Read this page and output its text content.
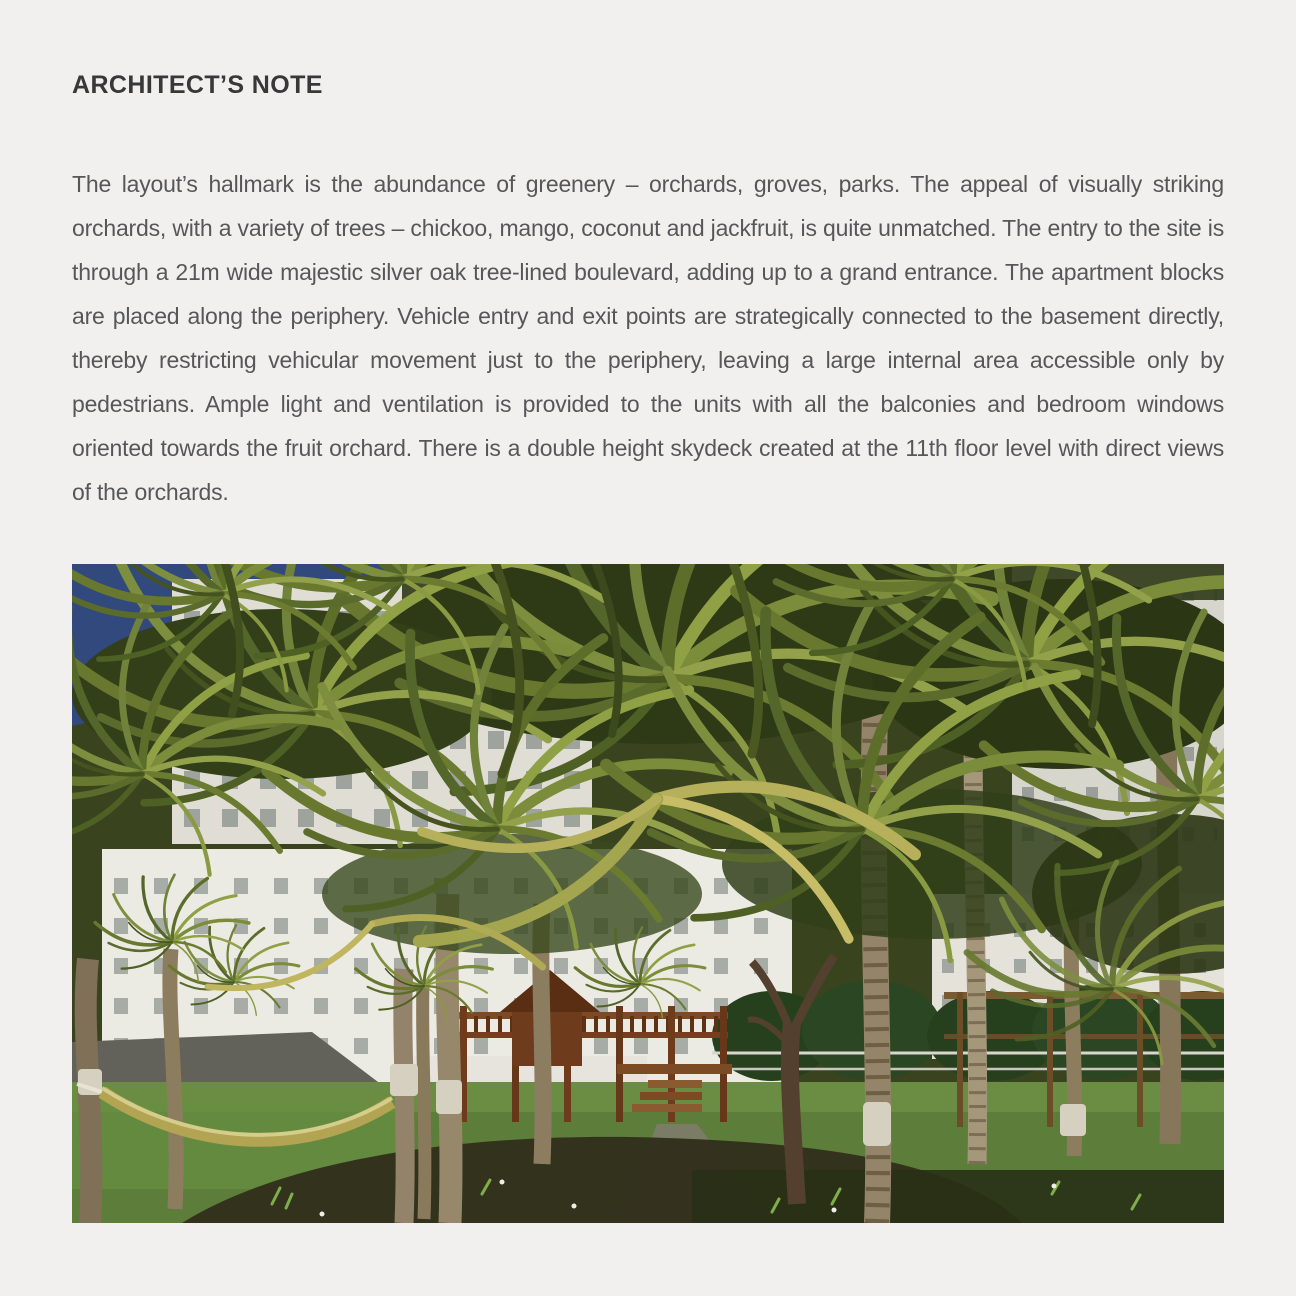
ARCHITECT’S NOTE

The layout’s hallmark is the abundance of greenery – orchards, groves, parks. The appeal of visually striking orchards, with a variety of trees – chickoo, mango, coconut and jackfruit, is quite unmatched. The entry to the site is through a 21m wide majestic silver oak tree-lined boulevard, adding up to a grand entrance. The apartment blocks are placed along the periphery. Vehicle entry and exit points are strategically connected to the basement directly, thereby restricting vehicular movement just to the periphery, leaving a large internal area accessible only by pedestrians. Ample light and ventilation is provided to the units with all the balconies and bedroom windows oriented towards the fruit orchard. There is a double height skydeck created at the 11th floor level with direct views of the orchards.
